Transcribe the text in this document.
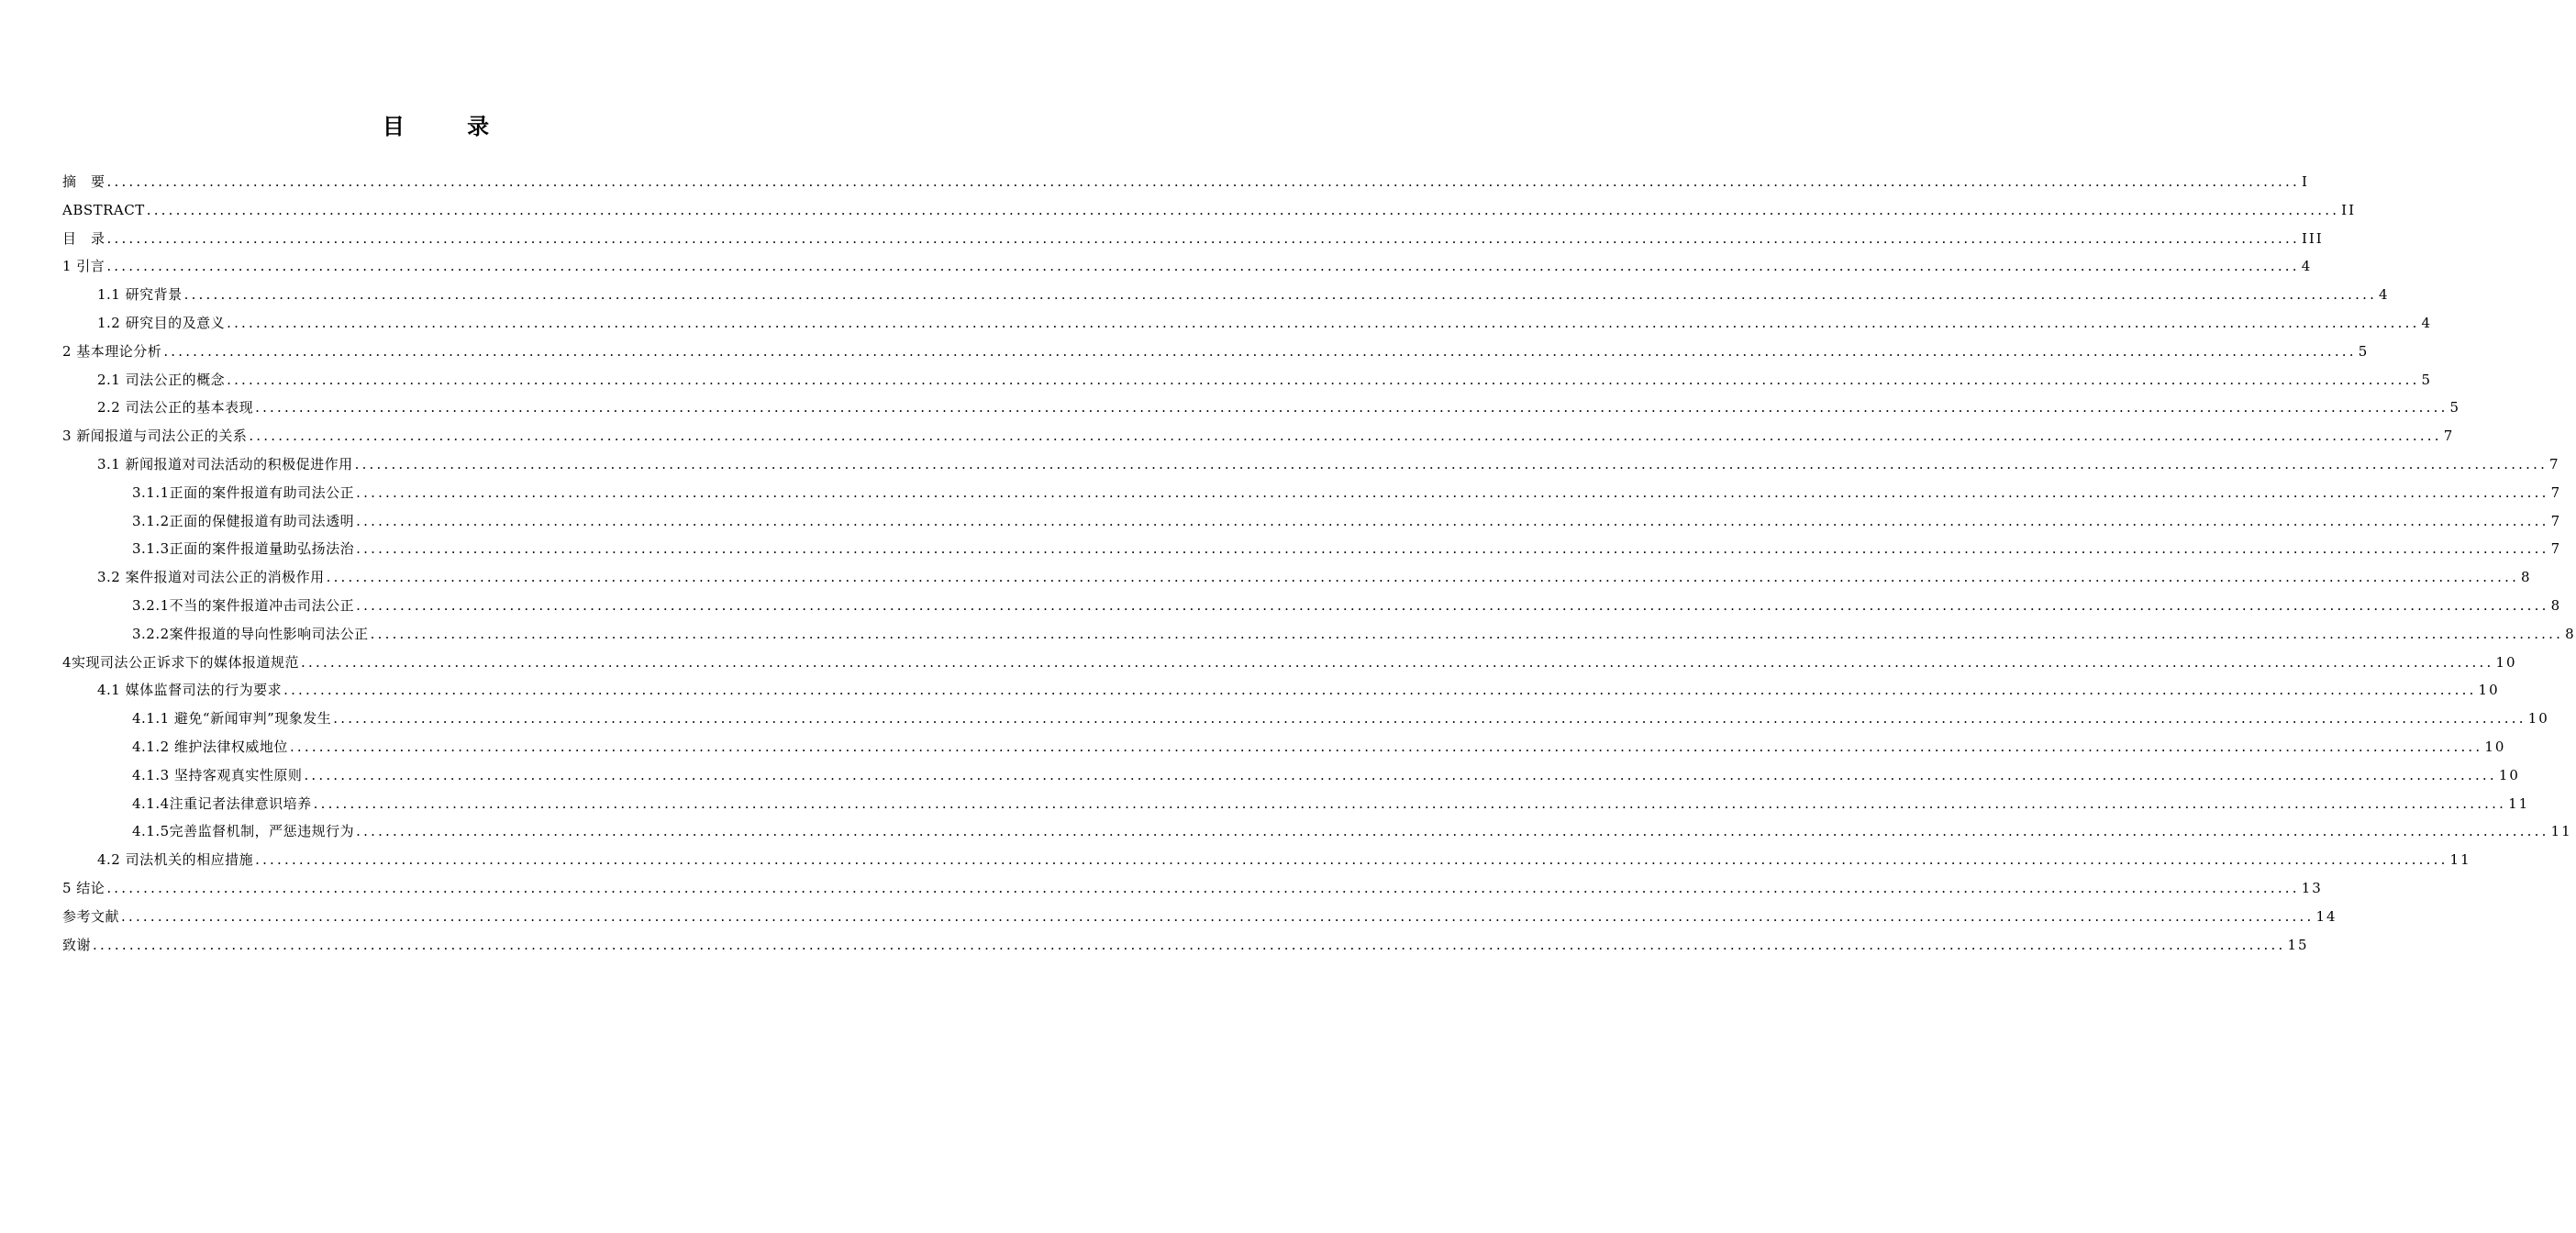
目 录
摘　要 ............................................................................................................................................................................................................................................................................................................ I
ABSTRACT ............................................................................................................................................................................................................................................................................................................ II
目　录 ............................................................................................................................................................................................................................................................................................................ III
1 引言 ............................................................................................................................................................................................................................................................................................................ 4
1.1 研究背景 ............................................................................................................................................................................................................................................................................................................ 4
1.2 研究目的及意义 ............................................................................................................................................................................................................................................................................................................ 4
2 基本理论分析 ............................................................................................................................................................................................................................................................................................................ 5
2.1 司法公正的概念 ............................................................................................................................................................................................................................................................................................................ 5
2.2 司法公正的基本表现 ............................................................................................................................................................................................................................................................................................................ 5
3 新闻报道与司法公正的关系 ............................................................................................................................................................................................................................................................................................................ 7
3.1 新闻报道对司法活动的积极促进作用 ............................................................................................................................................................................................................................................................................................................ 7
3.1.1正面的案件报道有助司法公正 ............................................................................................................................................................................................................................................................................................................ 7
3.1.2正面的保健报道有助司法透明 ............................................................................................................................................................................................................................................................................................................ 7
3.1.3正面的案件报道量助弘扬法治 ............................................................................................................................................................................................................................................................................................................ 7
3.2 案件报道对司法公正的消极作用 ............................................................................................................................................................................................................................................................................................................ 8
3.2.1不当的案件报道冲击司法公正 ............................................................................................................................................................................................................................................................................................................ 8
3.2.2案件报道的导向性影响司法公正 ............................................................................................................................................................................................................................................................................................................ 8
4实现司法公正诉求下的媒体报道规范 ............................................................................................................................................................................................................................................................................................................ 10
4.1 媒体监督司法的行为要求 ............................................................................................................................................................................................................................................................................................................ 10
4.1.1 避免“新闻审判”现象发生 ............................................................................................................................................................................................................................................................................................................ 10
4.1.2 维护法律权威地位 ............................................................................................................................................................................................................................................................................................................ 10
4.1.3 坚持客观真实性原则 ............................................................................................................................................................................................................................................................................................................ 10
4.1.4注重记者法律意识培养 ............................................................................................................................................................................................................................................................................................................ 11
4.1.5完善监督机制，严惩违规行为 ............................................................................................................................................................................................................................................................................................................ 11
4.2 司法机关的相应措施 ............................................................................................................................................................................................................................................................................................................ 11
5 结论 ............................................................................................................................................................................................................................................................................................................ 13
参考文献 ............................................................................................................................................................................................................................................................................................................ 14
致谢 ............................................................................................................................................................................................................................................................................................................ 15
